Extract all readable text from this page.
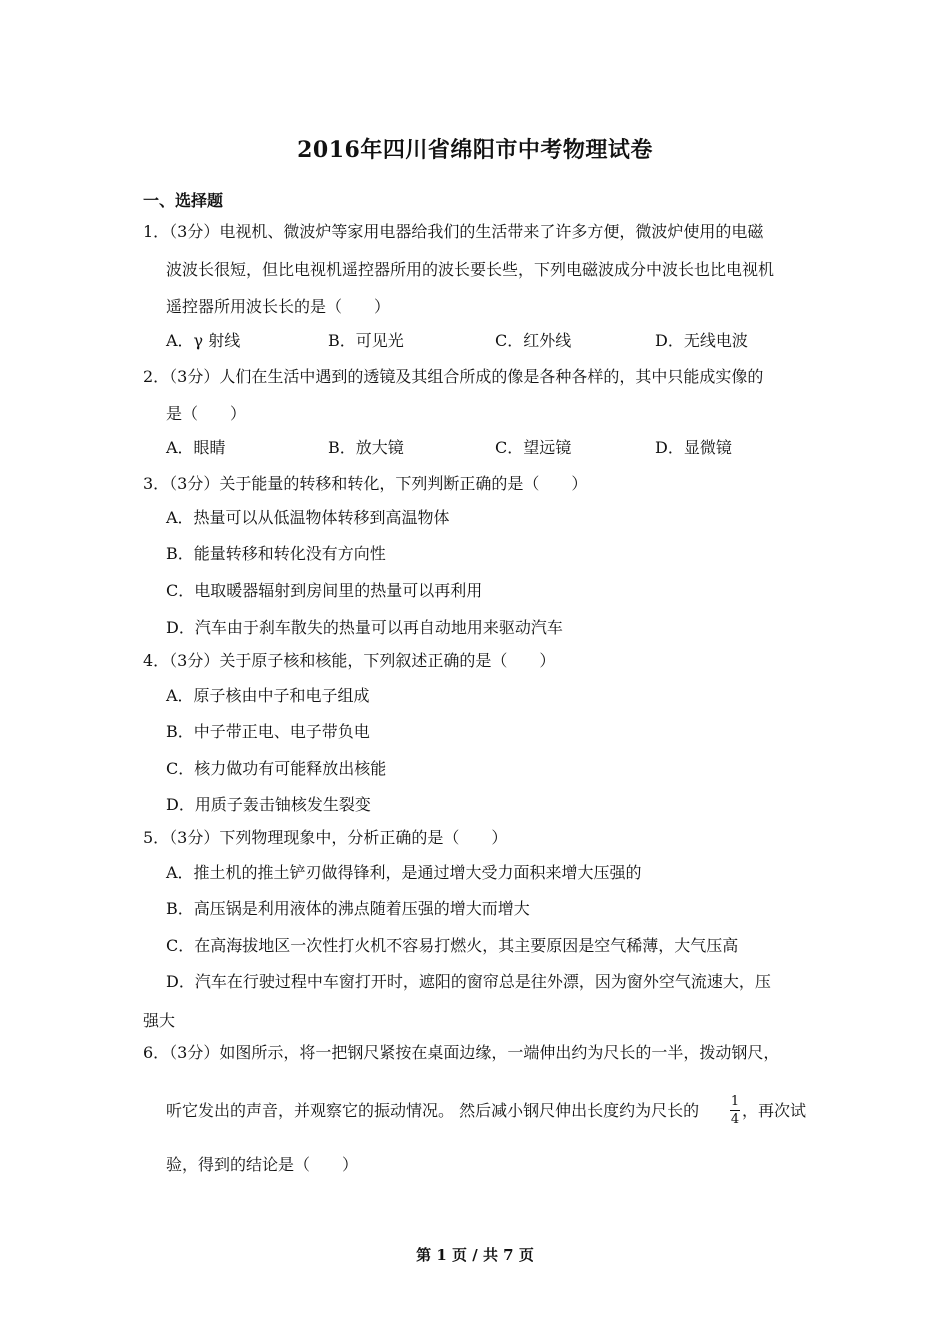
2016年四川省绵阳市中考物理试卷
一、选择题
1．（3分）电视机、微波炉等家用电器给我们的生活带来了许多方便，微波炉使用的电磁
波波长很短，但比电视机遥控器所用的波长要长些，下列电磁波成分中波长也比电视机
遥控器所用波长长的是（　　）
A．γ 射线	B．可见光	C．红外线	D．无线电波
2．（3分）人们在生活中遇到的透镜及其组合所成的像是各种各样的，其中只能成实像的
是（　　）
A．眼睛	B．放大镜	C．望远镜	D．显微镜
3．（3分）关于能量的转移和转化，下列判断正确的是（　　）
A．热量可以从低温物体转移到高温物体
B．能量转移和转化没有方向性
C．电取暖器辐射到房间里的热量可以再利用
D．汽车由于刹车散失的热量可以再自动地用来驱动汽车
4．（3分）关于原子核和核能，下列叙述正确的是（　　）
A．原子核由中子和电子组成
B．中子带正电、电子带负电
C．核力做功有可能释放出核能
D．用质子轰击铀核发生裂变
5．（3分）下列物理现象中，分析正确的是（　　）
A．推土机的推土铲刃做得锋利，是通过增大受力面积来增大压强的
B．高压锅是利用液体的沸点随着压强的增大而增大
C．在高海拔地区一次性打火机不容易打燃火，其主要原因是空气稀薄，大气压高
D．汽车在行驶过程中车窗打开时，遮阳的窗帘总是往外漂，因为窗外空气流速大，压
强大
6．（3分）如图所示，将一把钢尺紧按在桌面边缘，一端伸出约为尺长的一半，拨动钢尺，
听它发出的声音，并观察它的振动情况。 然后减小钢尺伸出长度约为尺长的 1
4 ，再次试
验，得到的结论是（　　）
第 1 页 / 共 7 页
